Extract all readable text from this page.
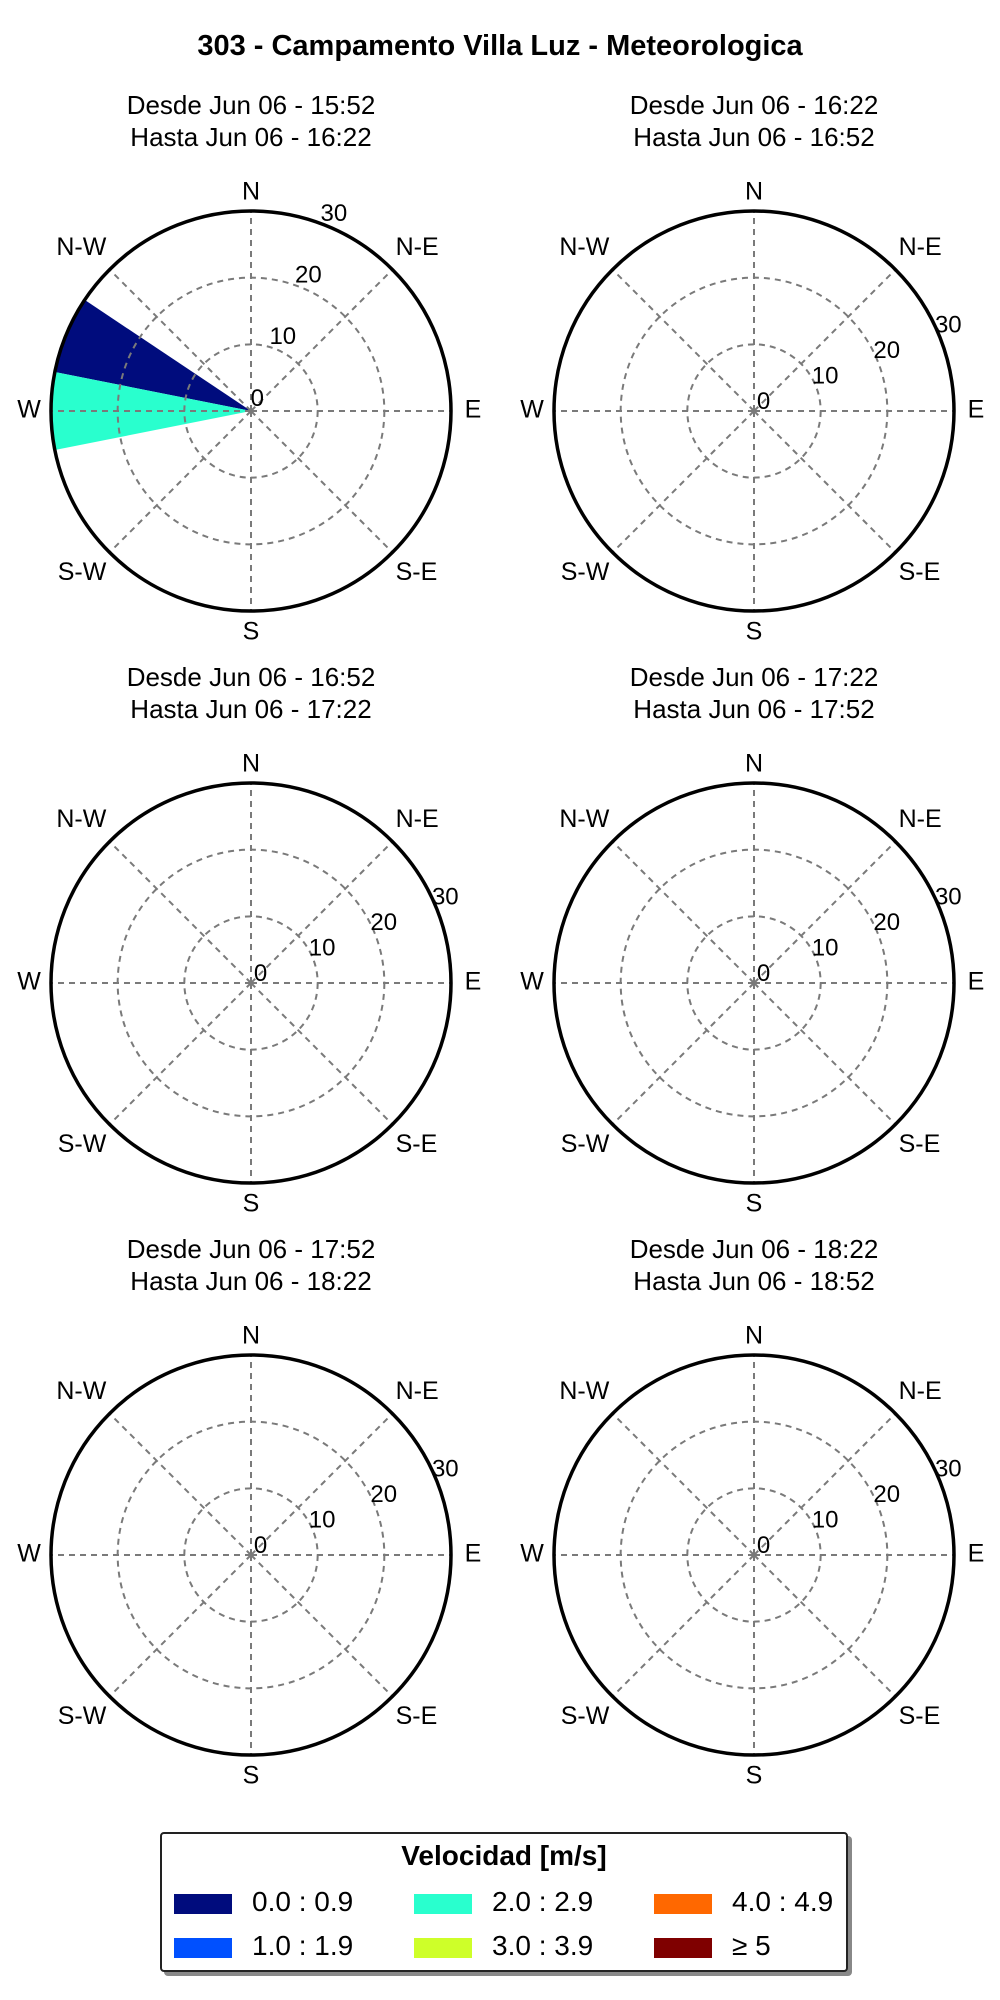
303 - Campamento Villa Luz - Meteorologica
N
N-E
E
S-E
S
S-W
W
N-W
0
10
20
30
N
N-E
E
S-E
S
S-W
W
N-W
0
10
20
30
N
N-E
E
S-E
S
S-W
W
N-W
0
10
20
30
N
N-E
E
S-E
S
S-W
W
N-W
0
10
20
30
N
N-E
E
S-E
S
S-W
W
N-W
0
10
20
30
N
N-E
E
S-E
S
S-W
W
N-W
0
10
20
30
Desde Jun 06 - 15:52
Hasta Jun 06 - 16:22
Desde Jun 06 - 16:22
Hasta Jun 06 - 16:52
Desde Jun 06 - 16:52
Hasta Jun 06 - 17:22
Desde Jun 06 - 17:22
Hasta Jun 06 - 17:52
Desde Jun 06 - 17:52
Hasta Jun 06 - 18:22
Desde Jun 06 - 18:22
Hasta Jun 06 - 18:52
Velocidad [m/s]
0.0 : 0.9
1.0 : 1.9
2.0 : 2.9
3.0 : 3.9
4.0 : 4.9
≥ 5
